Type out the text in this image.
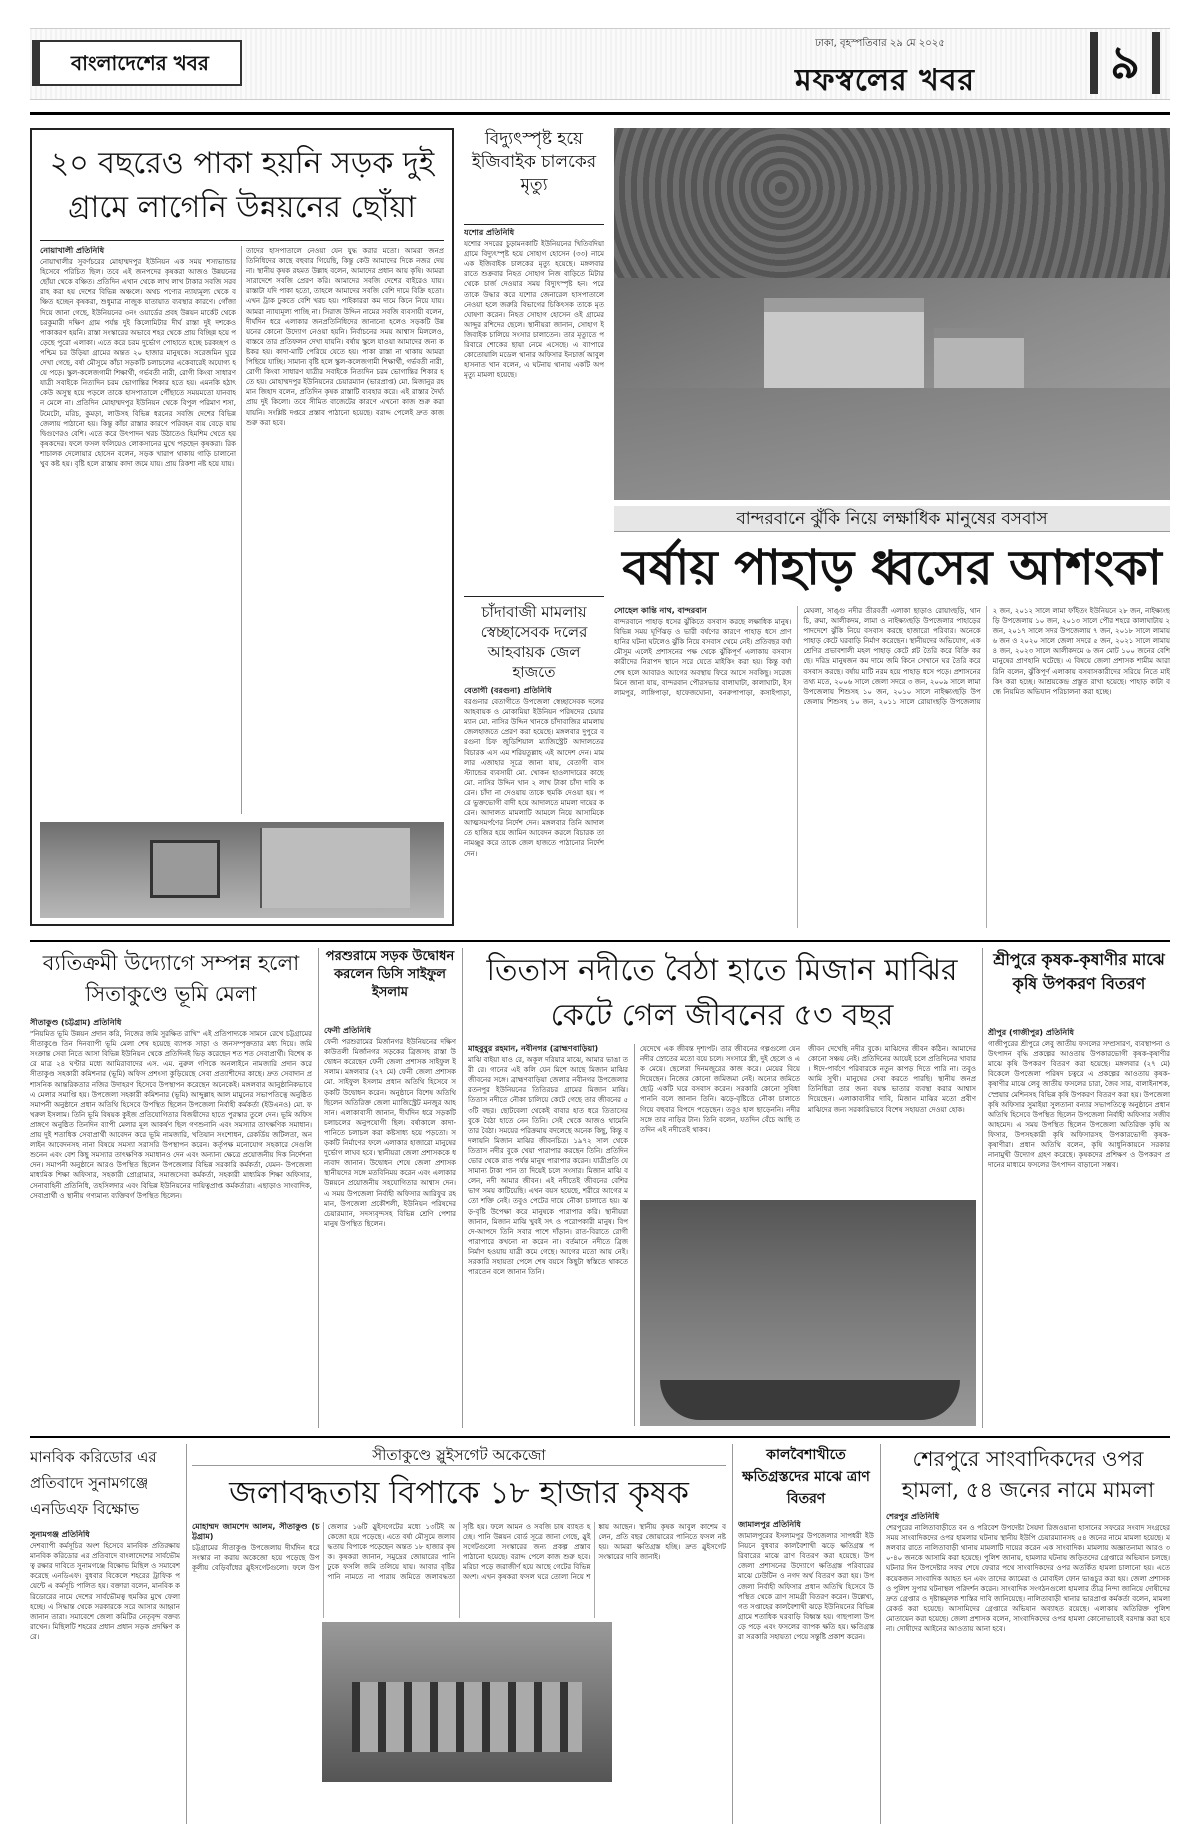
বাংলাদেশের খবর
ঢাকা, বৃহস্পতিবার ২৯ মে ২০২৫
মফস্বলের খবর	৯
২০ বছরেও পাকা হয়নি সড়ক দুই গ্রামে লাগেনি উন্নয়নের ছোঁয়া
নোয়াখালী প্রতিনিধি
নোয়াখালীর সুবর্ণচরের মোহাম্মদপুর ইউনিয়ন এক সময় শস্যভান্ডার হিসেবে পরিচিত ছিল। তবে এই জনপদের কৃষকরা আজও উন্নয়নের ছোঁয়া থেকে বঞ্চিত। প্রতিদিন এখান থেকে লাখ লাখ টাকার সবজি সরবরাহ করা হয় দেশের বিভিন্ন অঞ্চলে। অথচ পণ্যের ন্যায্যমূল্য থেকে বঞ্চিত হচ্ছেন কৃষকরা, শুধুমাত্র নাজুক যাতায়াত ব্যবস্থার কারণে। গোঁজা দিয়ে জানা গেছে, ইউনিয়নের ৩নং ওয়ার্ডের প্রবহ উন্নয়ন মার্কেট থেকে চরকুমারী দক্ষিণ গ্রাম পর্যন্ত দুই কিলোমিটার দীর্ঘ রাস্তা দুই দশকেও পাকাকরণ হয়নি। রাস্তা সংস্কারের অভাবে শহর থেকে প্রায় বিচ্ছিন্ন হয়ে পড়েছে পুরো এলাকা। এতে করে চরম দুর্ভোগ পোহাতে হচ্ছে চরকচ্ছপ ও পশ্চিম চর উড়িয়া গ্রামের অন্তত ২০ হাজার মানুষকে। সরেজমিন ঘুরে দেখা গেছে, বর্ষা মৌসুমে কাঁচা সড়কটি চলাচলের একেবারেই অযোগ্য হয়ে পড়ে। স্কুল-কলেজগামী শিক্ষার্থী, গর্ভবতী নারী, রোগী কিংবা সাধারণ যাত্রী সবাইকে নিত্যদিন চরম ভোগান্তির শিকার হতে হয়। এমনকি হঠাৎ কেউ অসুস্থ হয়ে পড়লে তাকে হাসপাতালে পৌঁছাতে সময়মতো যানবাহন মেলে না। প্রতিদিন মোহাম্মদপুর ইউনিয়ন থেকে বিপুল পরিমাণ শসা, টমেটো, মরিচ, কুমড়া, লাউসহ বিভিন্ন ধরনের সবজি দেশের বিভিন্ন জেলায় পাঠানো হয়। কিন্তু কাঁচা রাস্তার কারণে পরিবহন ব্যয় বেড়ে যায় দ্বিগুণেরও বেশি। এতে করে উৎপাদন খরচ উঠাতেও হিমশিম খেতে হয় কৃষকদের। ফলে ফসল ফলিয়েও লোকসানের মুখে পড়ছেন কৃষকরা। রিকশাচালক দেলোয়ার হোসেন বলেন, সড়ক খারাপ থাকায় গাড়ি চালানো খুব কষ্ট হয়। বৃষ্টি হলে রাস্তায় কাদা জমে যায়। প্রায় রিকশা নষ্ট হয়ে যায়।
তাদের হাসপাতালে নেওয়া যেন যুদ্ধ করার মতো। আমরা জনপ্রতিনিধিদের কাছে বহুবার গিয়েছি, কিন্তু কেউ আমাদের দিকে নজর দেয় না। স্থানীয় কৃষক রহমত উল্লাহ বলেন, আমাদের প্রধান আয় কৃষি। আমরা সারাদেশে সবজি প্রেরণ করি। আমাদের সবজি দেশের বাইরেও যায়। রাস্তাটা যদি পাকা হতো, তাহলে আমাদের সবজি বেশি দামে বিক্রি হতো। এখন ট্রাক ঢুকতে বেশি খরচ হয়। পাইকাররা কম দামে কিনে নিয়ে যায়। আমরা ন্যায্যমূল্য পাচ্ছি না। সিরাজ উদ্দিন নামের সবজি ব্যবসায়ী বলেন, দীর্ঘদিন ধরে এলাকার জনপ্রতিনিধিদের জানানো হলেও সড়কটি উন্নয়নের কোনো উদ্যোগ নেওয়া হয়নি। নির্বাচনের সময় আশ্বাস মিললেও, বাস্তবে তার প্রতিফলন দেখা যায়নি। বর্ষায় স্কুলে যাওয়া আমাদের জন্য কষ্টকর হয়। কাদা-মাটি পেরিয়ে যেতে হয়। পাকা রাস্তা না থাকায় আমরা পিছিয়ে যাচ্ছি। সামান্য বৃষ্টি হলে স্কুল-কলেজগামী শিক্ষার্থী, গর্ভবতী নারী, রোগী কিংবা সাধারণ যাত্রীর সবাইকে নিত্যদিন চরম ভোগান্তির শিকার হতে হয়। মোহাম্মদপুর ইউনিয়নের চেয়ারম্যান (ভারপ্রাপ্ত) মো. মিজানুর রহমান জিহাদ বলেন, প্রতিদিন কৃষক রাস্তাটি ব্যবহার করে। এই রাস্তার দৈর্ঘ্য প্রায় দুই কিলো। তবে সীমিত বাজেটের কারণে এখনো কাজ শুরু করা যায়নি। সংশ্লিষ্ট দপ্তরে প্রস্তাব পাঠানো হয়েছে। বরাদ্দ পেলেই দ্রুত কাজ শুরু করা হবে।
বিদ্যুৎস্পৃষ্ট হয়ে ইজিবাইক চালকের মৃত্যু
যশোর প্রতিনিধি
যশোর সদরের চুড়ামনকাটি ইউনিয়নের খিতিবদিয়া গ্রামে বিদ্যুৎস্পৃষ্ট হয়ে সোহাগ হোসেন (৩৩) নামে এক ইজিবাইক চালকের মৃত্যু হয়েছে। মঙ্গলবার রাতে শুক্রবার নিহত সোহাগ নিজ বাড়িতে মিটার থেকে চার্জ দেওয়ার সময় বিদ্যুৎস্পৃষ্ট হন। পরে তাকে উদ্ধার করে যশোর জেনারেল হাসপাতালে নেওয়া হলে জরুরি বিভাগের চিকিৎসক তাকে মৃত ঘোষণা করেন। নিহত সোহাগ হোসেন ওই গ্রামের আব্দুর রশিদের ছেলে। স্থানীয়রা জানান, সোহাগ ইজিবাইক চালিয়ে সংসার চালাতেন। তার মৃত্যুতে পরিবারে শোকের ছায়া নেমে এসেছে। এ ব্যাপারে কোতোয়ালি মডেল থানার অফিসার ইনচার্জ আবুল হাসনাত খান বলেন, এ ঘটনায় থানায় একটি অপমৃত্যু মামলা হয়েছে।
বান্দরবানে ঝুঁকি নিয়ে লক্ষাধিক মানুষের বসবাস
বর্ষায় পাহাড় ধ্বসের আশংকা
সোহেল কান্তি নাথ, বান্দরবান
বান্দরবানে পাহাড় ধসের ঝুঁকিতে বসবাস করছে লক্ষাধিক মানুষ। বিভিন্ন সময় ঘূর্ণিঝড় ও ভারী বর্ষণের কারণে পাহাড় ধসে প্রাণহানির ঘটনা ঘটলেও ঝুঁকি নিয়ে বসবাস থেমে নেই। প্রতিবছর বর্ষা মৌসুম এলেই প্রশাসনের পক্ষ থেকে ঝুঁকিপূর্ণ এলাকায় বসবাসকারীদের নিরাপদ স্থানে সরে যেতে মাইকিং করা হয়। কিন্তু বর্ষা শেষ হলে আবারও আগের অবস্থায় ফিরে আসে সবকিছু। সরেজমিনে জানা যায়, বান্দরবান পৌরসভার বালাঘাটা, কালাঘাটা, ইসলামপুর, লাঙ্গিপাড়া, হাফেজঘোনা, বনরুপাপাড়া, কসাইপাড়া, মেঘলা, সাঙ্গু নদীর তীরবর্তী এলাকা ছাড়াও রোয়াংছড়ি, থানচি, রুমা, আলীকদম, লামা ও নাইক্ষ্যংছড়ি উপজেলার পাহাড়ের পাদদেশে ঝুঁকি নিয়ে বসবাস করছে হাজারো পরিবার। অনেকে পাহাড় কেটে ঘরবাড়ি নির্মাণ করেছেন। স্থানীয়দের অভিযোগ, এক শ্রেণির প্রভাবশালী মহল পাহাড় কেটে প্লট তৈরি করে বিক্রি করছে। দরিদ্র মানুষজন কম দামে জমি কিনে সেখানে ঘর তৈরি করে বসবাস করছে। বর্ষায় মাটি নরম হয়ে পাহাড় ধসে পড়ে। প্রশাসনের তথ্য মতে, ২০০৬ সালে জেলা সদরে ৩ জন, ২০০৯ সালে লামা উপজেলায় শিশুসহ ১০ জন, ২০১০ সালে নাইক্ষ্যংছড়ি উপজেলায় শিশুসহ ১০ জন, ২০১১ সালে রোয়াংছড়ি উপজেলায় ২ জন, ২০১২ সালে লামা ফাঁইতং ইউনিয়নে ২৮ জন, নাইক্ষ্যংছড়ি উপজেলায় ১০ জন, ২০১৩ সালে পৌর শহরে কালাঘাটায় ২ জন, ২০১৭ সালে সদর উপজেলায় ৭ জন, ২০১৮ সালে লামায় ৬ জন ও ২০২০ সালে জেলা সদরে ৫ জন, ২০২১ সালে লামায় ৪ জন, ২০২৩ সালে আলীকদমে ৬ জন মোট ১০০ জনের বেশি মানুষের প্রাণহানি ঘটেছে। এ বিষয়ে জেলা প্রশাসক শামীম আরা রিনি বলেন, ঝুঁকিপূর্ণ এলাকায় বসবাসকারীদের সরিয়ে নিতে মাইকিং করা হচ্ছে। আশ্রয়কেন্দ্র প্রস্তুত রাখা হয়েছে। পাহাড় কাটা বন্ধে নিয়মিত অভিযান পরিচালনা করা হচ্ছে।
চাঁদাবাজী মামলায় স্বেচ্ছাসেবক দলের আহবায়ক জেল হাজতে
বেতাগী (বরগুনা) প্রতিনিধি
বরগুনার বেতাগীতে উপজেলা স্বেচ্ছাসেবক দলের আহবায়ক ও মোকামিয়া ইউনিয়ন পরিষদের চেয়ারম্যান মো. নাসির উদ্দিন খানকে চাঁদাবাজির মামলায় জেলহাজতে প্রেরণ করা হয়েছে। মঙ্গলবার দুপুরে বরগুনা চিফ জুডিশিয়াল ম্যাজিস্ট্রেট আদালতের বিচারক এস এম শরিয়তুল্লাহ এই আদেশ দেন। মামলার এজাহার সূত্রে জানা যায়, বেতাগী বাস স্ট্যান্ডের ব্যবসায়ী মো. খোকন হাওলাদারের কাছে মো. নাসির উদ্দিন খান ২ লাখ টাকা চাঁদা দাবি করেন। চাঁদা না দেওয়ায় তাকে হুমকি দেওয়া হয়। পরে ভুক্তভোগী বাদী হয়ে আদালতে মামলা দায়ের করেন। আদালত মামলাটি আমলে নিয়ে আসামিকে আত্মসমর্পণের নির্দেশ দেন। মঙ্গলবার তিনি আদালতে হাজির হয়ে জামিন আবেদন করলে বিচারক তা নামঞ্জুর করে তাকে জেল হাজতে পাঠানোর নির্দেশ দেন।
ব্যতিক্রমী উদ্যোগে সম্পন্ন হলো সিতাকুণ্ডে ভূমি মেলা
সীতাকুণ্ড (চট্টগ্রাম) প্রতিনিধি
"নিয়মিত ভূমি উন্নয়ন প্রদান করি, নিজের জমি সুরক্ষিত রাখি" এই প্রতিপাদ্যকে সামনে রেখে চট্টগ্রামের সীতাকুণ্ডে তিন দিনব্যাপী ভূমি মেলা শেষ হয়েছে ব্যাপক সাড়া ও জনসম্পৃক্ততার মধ্য দিয়ে। জমি সংক্রান্ত সেবা নিতে আসা বিভিন্ন ইউনিয়ন থেকে প্রতিদিনই ভিড় করেছেন শত শত সেবাপ্রার্থী। বিশেষ করে মাত্র ২৪ ঘণ্টার মধ্যে আমিরাবাদের এস. এম. নুরুল গণিকে অনলাইনে নামজারি প্রদান করে সীতাকুণ্ড সহকারী কমিশনার (ভূমি) অফিস প্রশংসা কুড়িয়েছে সেবা প্রত্যাশীদের কাছে। দ্রুত সেবাদান প্রশাসনিক আন্তরিকতার নজির উদাহরণ হিসেবে উপস্থাপন করেছেন অনেকেই। মঙ্গলবার আনুষ্ঠানিকভাবে এ মেলার সমাপ্তি হয়। উপজেলা সহকারী কমিশনার (ভূমি) আব্দুল্লাহ আল মামুনের সভাপতিত্বে অনুষ্ঠিত সমাপনী অনুষ্ঠানে প্রধান অতিথি হিসেবে উপস্থিত ছিলেন উপজেলা নির্বাহী কর্মকর্তা (ইউএনও) মো. ফখরুল ইসলাম। তিনি ভূমি বিষয়ক কুইজ প্রতিযোগিতার বিজয়ীদের হাতে পুরস্কার তুলে দেন। ভূমি অফিস প্রাঙ্গণে অনুষ্ঠিত তিনদিন ব্যাপী মেলার মূল আকর্ষণ ছিল গণশুনানি এবং সমস্যার তাৎক্ষণিক সমাধান। প্রায় দুই শতাধিক সেবাপ্রার্থী আবেদন করে ভূমি নামজারি, খতিয়ান সংশোধন, রেকর্ডিয় জটিলতা, অনলাইন আবেদনসহ নানা বিষয়ে সমস্যা সরাসরি উপস্থাপন করেন। কর্তৃপক্ষ মনোযোগ সহকারে সেগুলি শুনেন এবং বেশ কিছু সমস্যার তাৎক্ষণিক সমাধানও দেন এবং অন্যান্য ক্ষেত্রে প্রয়োজনীয় দিক নির্দেশনা দেন। সমাপনী অনুষ্ঠানে আরও উপস্থিত ছিলেন উপজেলার বিভিন্ন সরকারি কর্মকর্তা, যেমন- উপজেলা মাধ্যমিক শিক্ষা অফিসার, সহকারী প্রোগ্রামার, সমাজসেবা কর্মকর্তা, সহকারী মাধ্যমিক শিক্ষা অফিসার, সেনাবাহিনী প্রতিনিধি, তহসিলদার এবং বিভিন্ন ইউনিয়নের দায়িত্বপ্রাপ্ত কর্মকর্তারা। এছাড়াও সাংবাদিক, সেবাপ্রার্থী ও স্থানীয় গণ্যমান্য ব্যক্তিবর্গ উপস্থিত ছিলেন।
পরশুরামে সড়ক উদ্বোধন করলেন ডিসি সাইফুল ইসলাম
ফেনী প্রতিনিধি
ফেনী পরশুরামের মির্জানগর ইউনিয়নের দক্ষিণ কাউতলী মির্জানগর সড়কের ব্রিজসহ রাস্তা উদ্বোধন করেছেন ফেনী জেলা প্রশাসক সাইফুল ইসলাম। মঙ্গলবার (২৭ মে) ফেনী জেলা প্রশাসক মো. সাইফুল ইসলাম প্রধান অতিথি হিসেবে সড়কটি উদ্বোধন করেন। অনুষ্ঠানে বিশেষ অতিথি ছিলেন অতিরিক্ত জেলা ম্যাজিস্ট্রেট মনজুর আহসান। এলাকাবাসী জানান, দীর্ঘদিন ধরে সড়কটি চলাচলের অনুপযোগী ছিল। বর্ষাকালে কাদা-পানিতে চলাচল করা কষ্টসাধ্য হয়ে পড়তো। সড়কটি নির্মাণের ফলে এলাকার হাজারো মানুষের দুর্ভোগ লাঘব হবে। স্থানীয়রা জেলা প্রশাসককে ধন্যবাদ জানান। উদ্বোধন শেষে জেলা প্রশাসক স্থানীয়দের সঙ্গে মতবিনিময় করেন এবং এলাকার উন্নয়নে প্রয়োজনীয় সহযোগিতার আশ্বাস দেন। এ সময় উপজেলা নির্বাহী অফিসার আরিফুর রহমান, উপজেলা প্রকৌশলী, ইউনিয়ন পরিষদের চেয়ারম্যান, সদস্যবৃন্দসহ বিভিন্ন শ্রেণি পেশার মানুষ উপস্থিত ছিলেন।
তিতাস নদীতে বৈঠা হাতে মিজান মাঝির কেটে গেল জীবনের ৫৩ বছর
মাহবুবুর রহমান, নবীনগর (ব্রাহ্মণবাড়িয়া)
মাঝি বাইয়া যাও রে, অকূল দরিয়ার মাঝে, আমার ভাঙা তরী রে। গানের এই কলি যেন মিশে আছে মিজান মাঝির জীবনের সঙ্গে। ব্রাহ্মণবাড়িয়া জেলার নবীনগর উপজেলার রতনপুর ইউনিয়নের তিতিরচর গ্রামের মিজান মাঝি। তিতাস নদীতে নৌকা চালিয়ে কেটে গেছে তার জীবনের ৫৩টি বছর। ছোটবেলা থেকেই বাবার হাত ধরে তিতাসের বুকে বৈঠা হাতে নেন তিনি। সেই থেকে আজও থামেনি তার বৈঠা। সময়ের পরিক্রমায় বদলেছে অনেক কিছু, কিন্তু বদলায়নি মিজান মাঝির জীবনচিত্র। ১৯৭২ সাল থেকে তিতাস নদীর বুকে খেয়া পারাপার করছেন তিনি। প্রতিদিন ভোর থেকে রাত পর্যন্ত মানুষ পারাপার করেন। যাত্রীপ্রতি যে সামান্য টাকা পান তা দিয়েই চলে সংসার। মিজান মাঝি বলেন, নদী আমার জীবন। এই নদীতেই জীবনের বেশির ভাগ সময় কাটিয়েছি। এখন বয়স হয়েছে, শরীরে আগের মতো শক্তি নেই। তবুও পেটের দায়ে নৌকা চালাতে হয়। ঝড়-বৃষ্টি উপেক্ষা করে মানুষকে পারাপার করি। স্থানীয়রা জানান, মিজান মাঝি খুবই সৎ ও পরোপকারী মানুষ। বিপদে-আপদে তিনি সবার পাশে দাঁড়ান। রাত-বিরাতে রোগী পারাপারে কখনো না করেন না। বর্তমানে নদীতে ব্রিজ নির্মাণ হওয়ায় যাত্রী কমে গেছে। আগের মতো আয় নেই। সরকারি সহায়তা পেলে শেষ বয়সে কিছুটা স্বস্তিতে থাকতে পারতেন বলে জানান তিনি।
যেদেখে এক জীবন্ত দৃশ্যপট। তার জীবনের গল্পগুলো যেন নদীর স্রোতের মতো বয়ে চলে। সংসারে স্ত্রী, দুই ছেলে ও এক মেয়ে। ছেলেরা দিনমজুরের কাজ করে। মেয়ের বিয়ে দিয়েছেন। নিজের কোনো জমিজমা নেই। অন্যের জমিতে ছোট্ট একটি ঘরে বসবাস করেন। সরকারি কোনো সুবিধা পাননি বলে জানান তিনি। ঝড়ে-বৃষ্টিতে নৌকা চালাতে গিয়ে বহুবার বিপদে পড়েছেন। তবুও হাল ছাড়েননি। নদীর সঙ্গে তার নাড়ির টান। তিনি বলেন, যতদিন বেঁচে আছি ততদিন এই নদীতেই থাকব।
জীবন দেখেছি নদীর বুকে। মাঝিদের জীবন কঠিন। আমাদের কোনো সঞ্চয় নেই। প্রতিদিনের আয়েই চলে প্রতিদিনের খাবার। ঈদে-পার্বণে পরিবারকে নতুন কাপড় দিতে পারি না। তবুও আমি সুখী। মানুষের সেবা করতে পারছি। স্থানীয় জনপ্রতিনিধিরা তার জন্য বয়স্ক ভাতার ব্যবস্থা করার আশ্বাস দিয়েছেন। এলাকাবাসীর দাবি, মিজান মাঝির মতো প্রবীণ মাঝিদের জন্য সরকারিভাবে বিশেষ সহায়তা দেওয়া হোক।
শ্রীপুরে কৃষক-কৃষাণীর মাঝে কৃষি উপকরণ বিতরণ
শ্রীপুর (গাজীপুর) প্রতিনিধি
গাজীপুরের শ্রীপুরে লেবু জাতীয় ফসলের সম্প্রসারণ, ব্যবস্থাপনা ও উৎপাদন বৃদ্ধি প্রকল্পের আওতায় উপকারভোগী কৃষক-কৃষাণীর মাঝে কৃষি উপকরণ বিতরণ করা হয়েছে। মঙ্গলবার (২৭ মে) বিকেলে উপজেলা পরিষদ চত্বরে এ প্রকল্পের আওতায় কৃষক-কৃষাণীর মাঝে লেবু জাতীয় ফসলের চারা, জৈব সার, বালাইনাশক, স্প্রেয়ার মেশিনসহ বিভিন্ন কৃষি উপকরণ বিতরণ করা হয়। উপজেলা কৃষি অফিসার সুমাইয়া সুলতানা বন্যার সভাপতিত্বে অনুষ্ঠানে প্রধান অতিথি হিসেবে উপস্থিত ছিলেন উপজেলা নির্বাহী অফিসার সজীব আহমেদ। এ সময় উপস্থিত ছিলেন উপজেলা অতিরিক্ত কৃষি অফিসার, উপসহকারী কৃষি অফিসারসহ উপকারভোগী কৃষক-কৃষাণীরা। প্রধান অতিথি বলেন, কৃষি আধুনিকায়নে সরকার নানামুখী উদ্যোগ গ্রহণ করেছে। কৃষকদের প্রশিক্ষণ ও উপকরণ প্রদানের মাধ্যমে ফসলের উৎপাদন বাড়ানো সম্ভব।
মানবিক করিডোর এর প্রতিবাদে সুনামগঞ্জে এনডিএফ বিক্ষোভ
সুনামগঞ্জ প্রতিনিধি
দেশব্যাপী কর্মসূচির অংশ হিসেবে মানবিক প্রতিরক্ষায় মানবিক করিডোর এর প্রতিবাদে বাংলাদেশের সার্বভৌমত্ব রক্ষার দাবিতে সুনামগঞ্জে বিক্ষোভ মিছিল ও সমাবেশ করেছে এনডিএফ। বুধবার বিকেলে শহরের ট্রাফিক পয়েন্টে এ কর্মসূচি পালিত হয়। বক্তারা বলেন, মানবিক করিডোরের নামে দেশের সার্বভৌমত্ব হুমকির মুখে ফেলা হচ্ছে। এ সিদ্ধান্ত থেকে সরকারকে সরে আসার আহ্বান জানান তারা। সমাবেশে জেলা কমিটির নেতৃবৃন্দ বক্তব্য রাখেন। মিছিলটি শহরের প্রধান প্রধান সড়ক প্রদক্ষিণ করে।
সীতাকুণ্ডে স্লুইসগেট অকেজো
জলাবদ্ধতায় বিপাকে ১৮ হাজার কৃষক
মোহাম্মদ জামশেদ আলম, সীতাকুণ্ড (চট্টগ্রাম)
চট্টগ্রামের সীতাকুণ্ড উপজেলায় দীর্ঘদিন ধরে সংস্কার না করায় অকেজো হয়ে পড়েছে উপকূলীয় বেড়িবাঁধের স্লুইসগেটগুলো। ফলে উপজেলার ১৬টি স্লুইসগেটের মধ্যে ১৩টিই অকেজো হয়ে পড়েছে। এতে বর্ষা মৌসুমে জলাবদ্ধতায় বিপাকে পড়েছেন অন্তত ১৮ হাজার কৃষক। কৃষকরা জানান, সমুদ্রের জোয়ারের পানি ঢুকে ফসলি জমি তলিয়ে যায়। আবার বৃষ্টির পানি নামতে না পারায় জমিতে জলাবদ্ধতা সৃষ্টি হয়। ফলে আমন ও সবজি চাষ ব্যাহত হচ্ছে। পানি উন্নয়ন বোর্ড সূত্রে জানা গেছে, স্লুইসগেটগুলো সংস্কারের জন্য প্রকল্প প্রস্তাব পাঠানো হয়েছে। বরাদ্দ পেলে কাজ শুরু হবে। মরিচা পড়ে জরাজীর্ণ হয়ে আছে গেটের বিভিন্ন অংশ। এখন কৃষকরা ফসল ঘরে তোলা নিয়ে শঙ্কায় আছেন। স্থানীয় কৃষক আবুল কাশেম বলেন, প্রতি বছর জোয়ারের পানিতে ফসল নষ্ট হয়। আমরা ক্ষতিগ্রস্ত হচ্ছি। দ্রুত স্লুইসগেট সংস্কারের দাবি জানাই।
কালবৈশাখীতে ক্ষতিগ্রস্তদের মাঝে ত্রাণ বিতরণ
জামালপুর প্রতিনিধি
জামালপুরের ইসলামপুর উপজেলার সাপধরী ইউনিয়নে বুধবার কালবৈশাখী ঝড়ে ক্ষতিগ্রস্ত পরিবারের মাঝে ত্রাণ বিতরণ করা হয়েছে। উপজেলা প্রশাসনের উদ্যোগে ক্ষতিগ্রস্ত পরিবারের মাঝে ঢেউটিন ও নগদ অর্থ বিতরণ করা হয়। উপজেলা নির্বাহী অফিসার প্রধান অতিথি হিসেবে উপস্থিত থেকে ত্রাণ সামগ্রী বিতরণ করেন। উল্লেখ্য, গত সপ্তাহের কালবৈশাখী ঝড়ে ইউনিয়নের বিভিন্ন গ্রামে শতাধিক ঘরবাড়ি বিধ্বস্ত হয়। গাছপালা উপড়ে পড়ে এবং ফসলের ব্যাপক ক্ষতি হয়। ক্ষতিগ্রস্তরা সরকারি সহায়তা পেয়ে সন্তুষ্টি প্রকাশ করেন।
শেরপুরে সাংবাদিকদের ওপর হামলা, ৫৪ জনের নামে মামলা
শেরপুর প্রতিনিধি
শেরপুরের নালিতাবাড়ীতে বন ও পরিবেশ উপদেষ্টা সৈয়দা রিজওয়ানা হাসানের সফরের সংবাদ সংগ্রহের সময় সাংবাদিকদের ওপর হামলার ঘটনায় স্থানীয় ইউপি চেয়ারম্যানসহ ৫৪ জনের নামে মামলা হয়েছে। মঙ্গলবার রাতে নালিতাবাড়ী থানায় মামলাটি দায়ের করেন এক সাংবাদিক। মামলায় অজ্ঞাতনামা আরও ৩০-৪০ জনকে আসামি করা হয়েছে। পুলিশ জানায়, হামলার ঘটনায় জড়িতদের গ্রেপ্তারে অভিযান চলছে। ঘটনার দিন উপদেষ্টার সফর শেষে ফেরার পথে সাংবাদিকদের ওপর অতর্কিত হামলা চালানো হয়। এতে কয়েকজন সাংবাদিক আহত হন এবং তাদের ক্যামেরা ও মোবাইল ফোন ভাঙচুর করা হয়। জেলা প্রশাসক ও পুলিশ সুপার ঘটনাস্থল পরিদর্শন করেন। সাংবাদিক সংগঠনগুলো হামলার তীব্র নিন্দা জানিয়ে দোষীদের দ্রুত গ্রেপ্তার ও দৃষ্টান্তমূলক শাস্তির দাবি জানিয়েছে। নালিতাবাড়ী থানার ভারপ্রাপ্ত কর্মকর্তা বলেন, মামলা রেকর্ড করা হয়েছে। আসামিদের গ্রেপ্তারে অভিযান অব্যাহত রয়েছে। এলাকায় অতিরিক্ত পুলিশ মোতায়েন করা হয়েছে। জেলা প্রশাসক বলেন, সাংবাদিকদের ওপর হামলা কোনোভাবেই বরদাস্ত করা হবে না। দোষীদের আইনের আওতায় আনা হবে।
